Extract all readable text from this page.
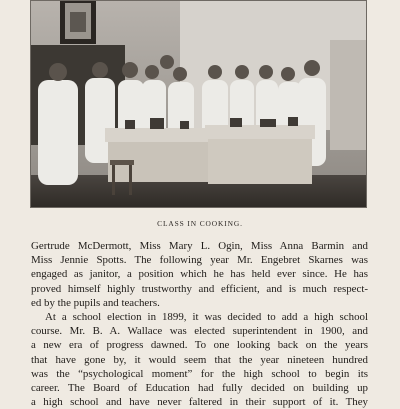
CLASS IN COOKING.
Gertrude McDermott, Miss Mary L. Ogin, Miss Anna Barmin and
Miss Jennie Spotts. The following year Mr. Engebret Skarnes was
engaged as janitor, a position which he has held ever since. He has
proved himself highly trustworthy and efficient, and is much respect-
ed by the pupils and teachers.
At a school election in 1899, it was decided to add a high school
course. Mr. B. A. Wallace was elected superintendent in 1900, and
a new era of progress dawned. To one looking back on the years
that have gone by, it would seem that the year nineteen hundred
was the “psychological moment” for the high school to begin its
career. The Board of Education had fully decided on building up
a high school and have never faltered in their support of it. They
